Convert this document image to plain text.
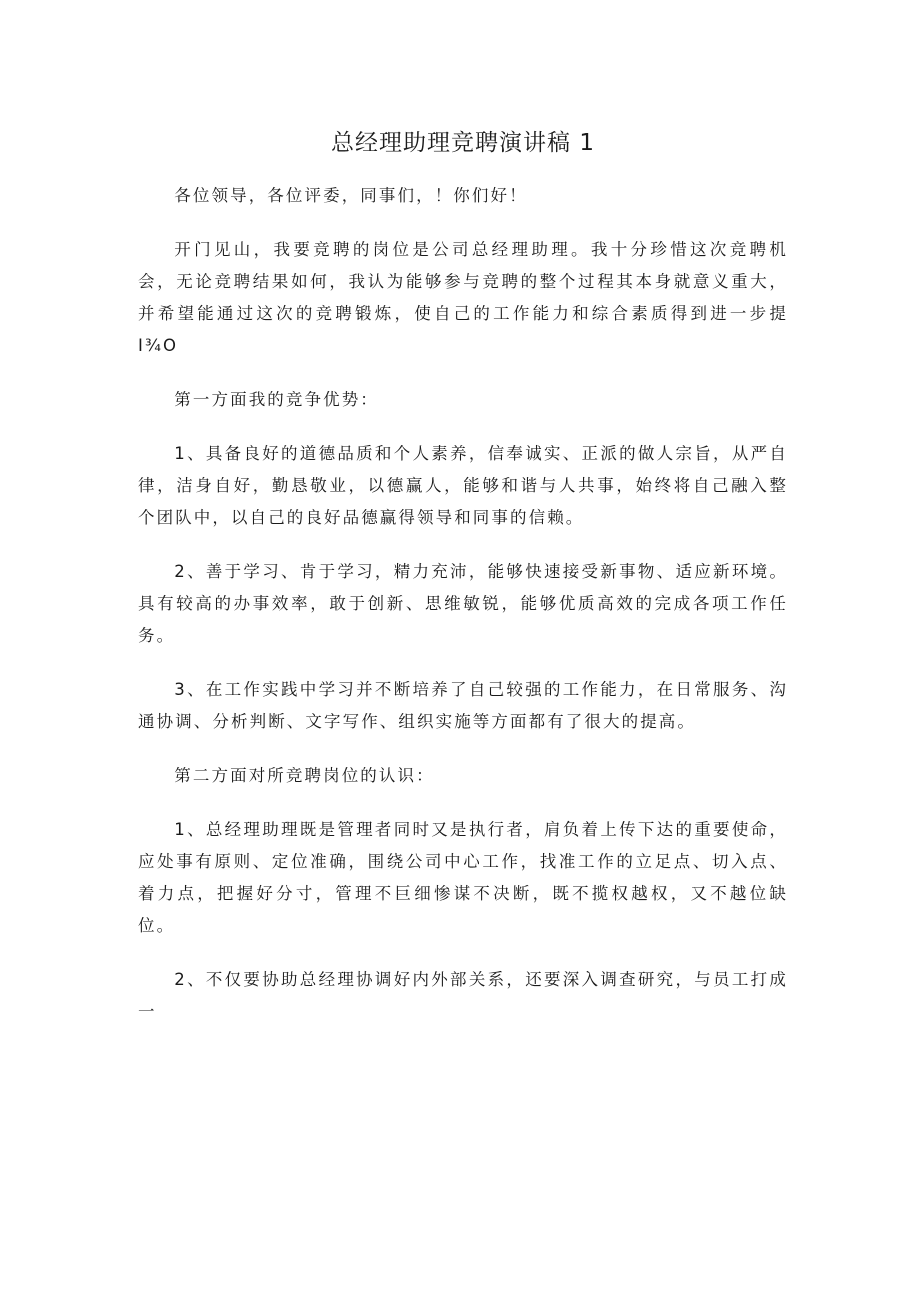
总经理助理竞聘演讲稿 1

各位领导，各位评委，同事们，！你们好！

开门见山，我要竞聘的岗位是公司总经理助理。我十分珍惜这次竞聘机会，无论竞聘结果如何，我认为能够参与竞聘的整个过程其本身就意义重大，并希望能通过这次的竞聘锻炼，使自己的工作能力和综合素质得到进一步提 I¾O

第一方面我的竞争优势：

1、具备良好的道德品质和个人素养，信奉诚实、正派的做人宗旨，从严自律，洁身自好，勤恳敬业，以德赢人，能够和谐与人共事，始终将自己融入整个团队中，以自己的良好品德赢得领导和同事的信赖。

2、善于学习、肯于学习，精力充沛，能够快速接受新事物、适应新环境。具有较高的办事效率，敢于创新、思维敏锐，能够优质高效的完成各项工作任务。

3、在工作实践中学习并不断培养了自己较强的工作能力，在日常服务、沟通协调、分析判断、文字写作、组织实施等方面都有了很大的提高。

第二方面对所竞聘岗位的认识：

1、总经理助理既是管理者同时又是执行者，肩负着上传下达的重要使命，应处事有原则、定位准确，围绕公司中心工作，找准工作的立足点、切入点、着力点，把握好分寸，管理不巨细惨谋不决断，既不揽权越权，又不越位缺位。

2、不仅要协助总经理协调好内外部关系，还要深入调查研究，与员工打成一
